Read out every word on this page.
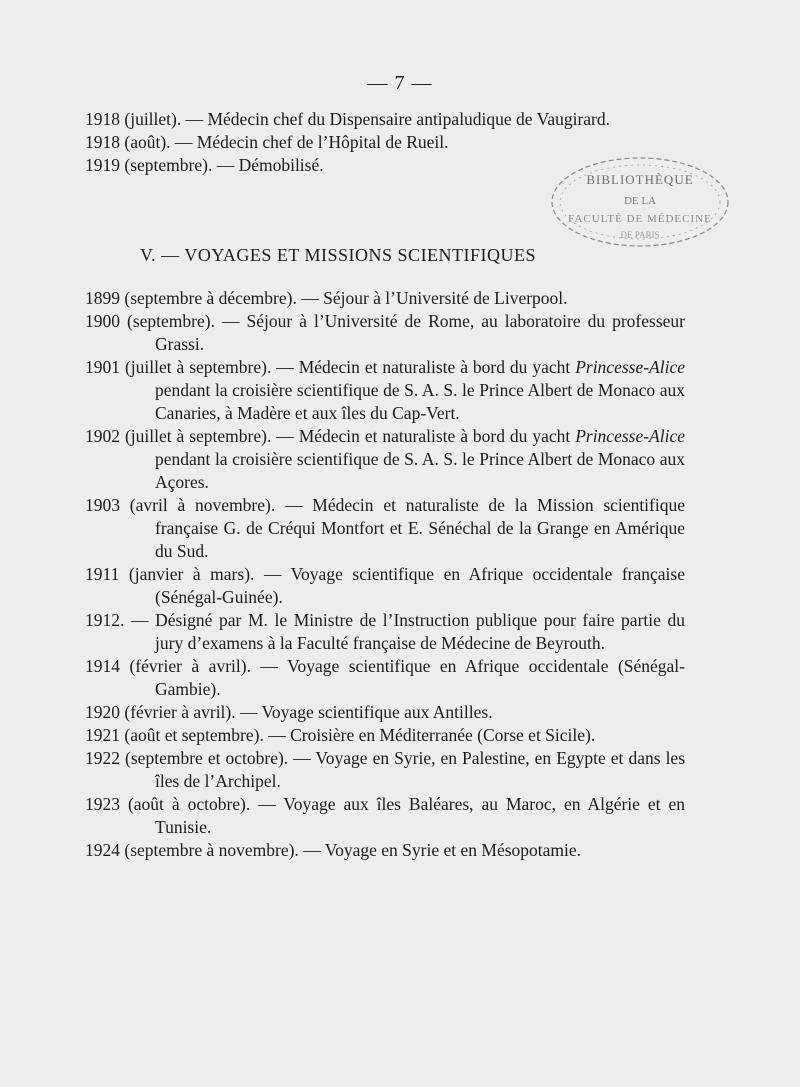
— 7 —

1918 (juillet). — Médecin chef du Dispensaire antipaludique de Vaugirard.

1918 (août). — Médecin chef de l’Hôpital de Rueil.

1919 (septembre). — Démobilisé.

BIBLIOTHÈQUE
DE LA
FACULTÉ DE MÉDECINE
DE PARIS
V. — VOYAGES ET MISSIONS SCIENTIFIQUES

1899 (septembre à décembre). — Séjour à l’Université de Liverpool.

1900 (septembre). — Séjour à l’Université de Rome, au laboratoire du professeur Grassi.

1901 (juillet à septembre). — Médecin et naturaliste à bord du yacht Princesse-Alice pendant la croisière scientifique de S. A. S. le Prince Albert de Monaco aux Canaries, à Madère et aux îles du Cap-Vert.

1902 (juillet à septembre). — Médecin et naturaliste à bord du yacht Princesse-Alice pendant la croisière scientifique de S. A. S. le Prince Albert de Monaco aux Açores.

1903 (avril à novembre). — Médecin et naturaliste de la Mission scientifique française G. de Créqui Montfort et E. Sénéchal de la Grange en Amérique du Sud.

1911 (janvier à mars). — Voyage scientifique en Afrique occidentale française (Sénégal-Guinée).

1912. — Désigné par M. le Ministre de l’Instruction publique pour faire partie du jury d’examens à la Faculté française de Médecine de Beyrouth.

1914 (février à avril). — Voyage scientifique en Afrique occidentale (Sénégal-Gambie).

1920 (février à avril). — Voyage scientifique aux Antilles.

1921 (août et septembre). — Croisière en Méditerranée (Corse et Sicile).

1922 (septembre et octobre). — Voyage en Syrie, en Palestine, en Egypte et dans les îles de l’Archipel.

1923 (août à octobre). — Voyage aux îles Baléares, au Maroc, en Algérie et en Tunisie.

1924 (septembre à novembre). — Voyage en Syrie et en Mésopotamie.
